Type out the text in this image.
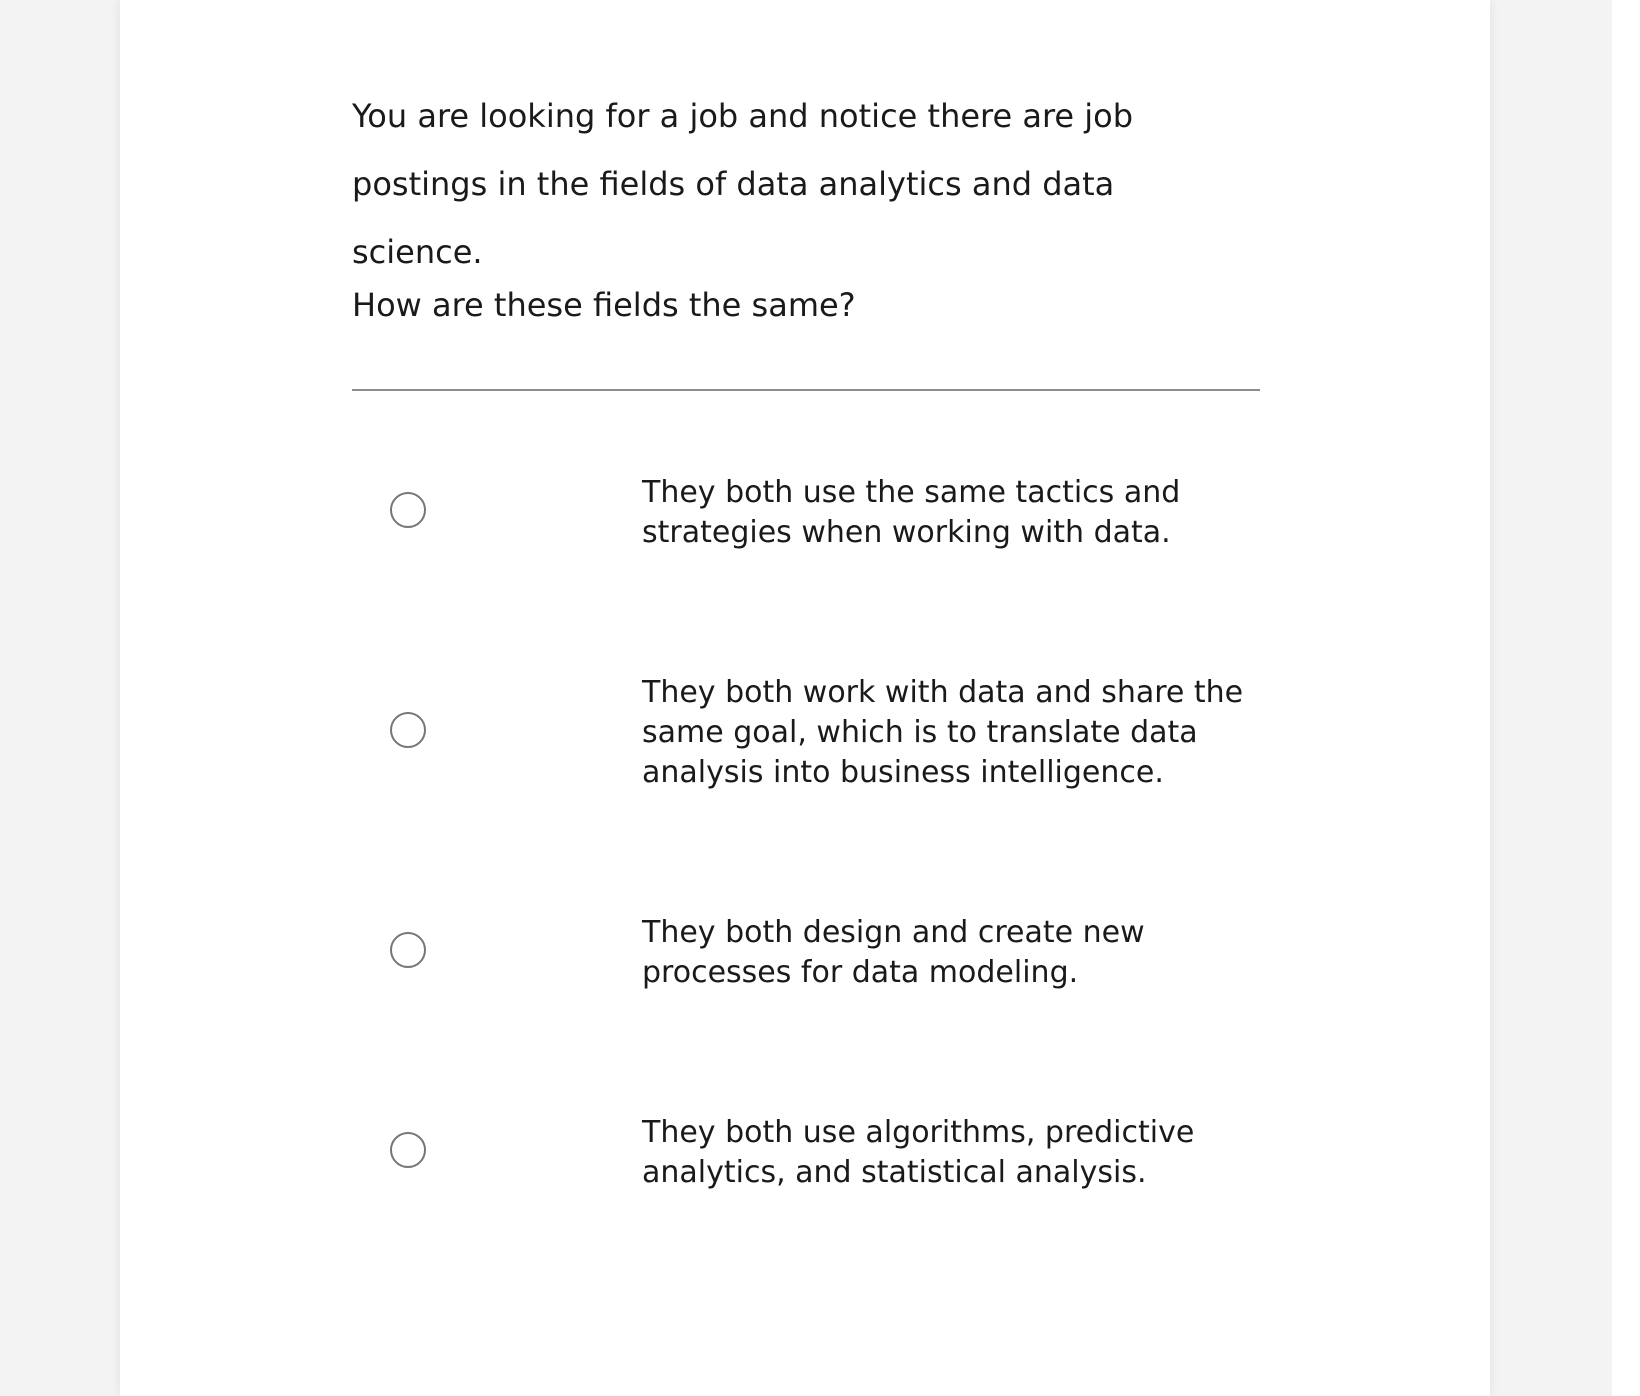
You are looking for a job and notice there are job postings in the fields of data analytics and data science.

How are these fields the same?

They both use the same tactics and strategies when working with data.

They both work with data and share the same goal, which is to translate data analysis into business intelligence.

They both design and create new processes for data modeling.

They both use algorithms, predictive analytics, and statistical analysis.
